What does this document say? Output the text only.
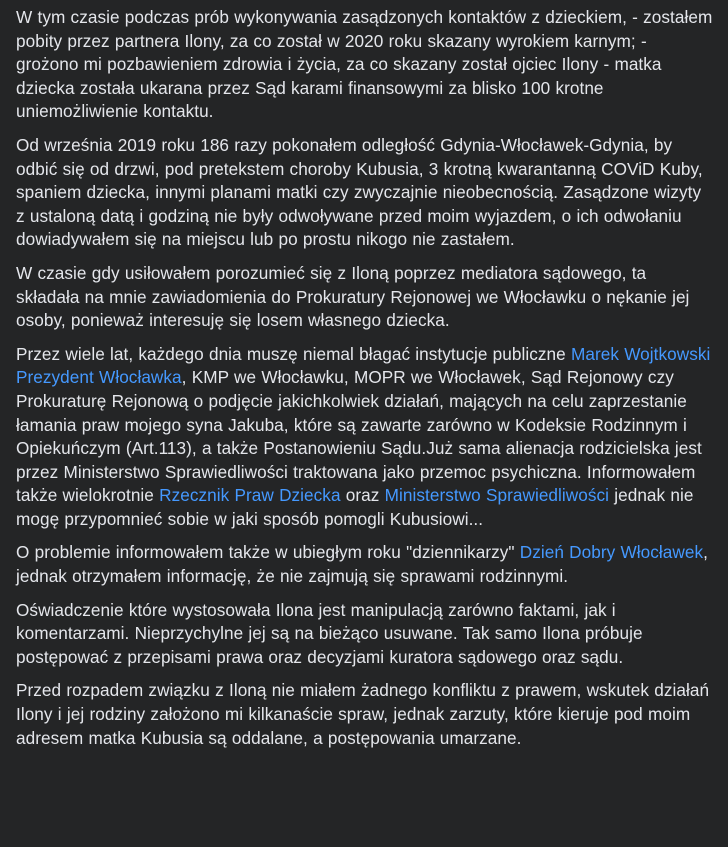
W tym czasie podczas prób wykonywania zasądzonych kontaktów z dzieckiem, - zostałem pobity przez partnera Ilony, za co został w 2020 roku skazany wyrokiem karnym; - grożono mi pozbawieniem zdrowia i życia, za co skazany został ojciec Ilony - matka dziecka została ukarana przez Sąd karami finansowymi za blisko 100 krotne uniemożliwienie kontaktu.

Od września 2019 roku 186 razy pokonałem odległość Gdynia-Włocławek-Gdynia, by odbić się od drzwi, pod pretekstem choroby Kubusia, 3 krotną kwarantanną COViD Kuby, spaniem dziecka, innymi planami matki czy zwyczajnie nieobecnością. Zasądzone wizyty z ustaloną datą i godziną nie były odwoływane przed moim wyjazdem, o ich odwołaniu dowiadywałem się na miejscu lub po prostu nikogo nie zastałem.

W czasie gdy usiłowałem porozumieć się z Iloną poprzez mediatora sądowego, ta składała na mnie zawiadomienia do Prokuratury Rejonowej we Włocławku o nękanie jej osoby, ponieważ interesuję się losem własnego dziecka.

Przez wiele lat, każdego dnia muszę niemal błagać instytucje publiczne Marek Wojtkowski Prezydent Włocławka, KMP we Włocławku, MOPR we Włocławek, Sąd Rejonowy czy Prokuraturę Rejonową o podjęcie jakichkolwiek działań, mających na celu zaprzestanie łamania praw mojego syna Jakuba, które są zawarte zarówno w Kodeksie Rodzinnym i Opiekuńczym (Art.113), a także Postanowieniu Sądu.Już sama alienacja rodzicielska jest przez Ministerstwo Sprawiedliwości traktowana jako przemoc psychiczna. Informowałem także wielokrotnie Rzecznik Praw Dziecka oraz Ministerstwo Sprawiedliwości jednak nie mogę przypomnieć sobie w jaki sposób pomogli Kubusiowi...

O problemie informowałem także w ubiegłym roku "dziennikarzy" Dzień Dobry Włocławek, jednak otrzymałem informację, że nie zajmują się sprawami rodzinnymi.

Oświadczenie które wystosowała Ilona jest manipulacją zarówno faktami, jak i komentarzami. Nieprzychylne jej są na bieżąco usuwane. Tak samo Ilona próbuje postępować z przepisami prawa oraz decyzjami kuratora sądowego oraz sądu.

Przed rozpadem związku z Iloną nie miałem żadnego konfliktu z prawem, wskutek działań Ilony i jej rodziny założono mi kilkanaście spraw, jednak zarzuty, które kieruje pod moim adresem matka Kubusia są oddalane, a postępowania umarzane.
